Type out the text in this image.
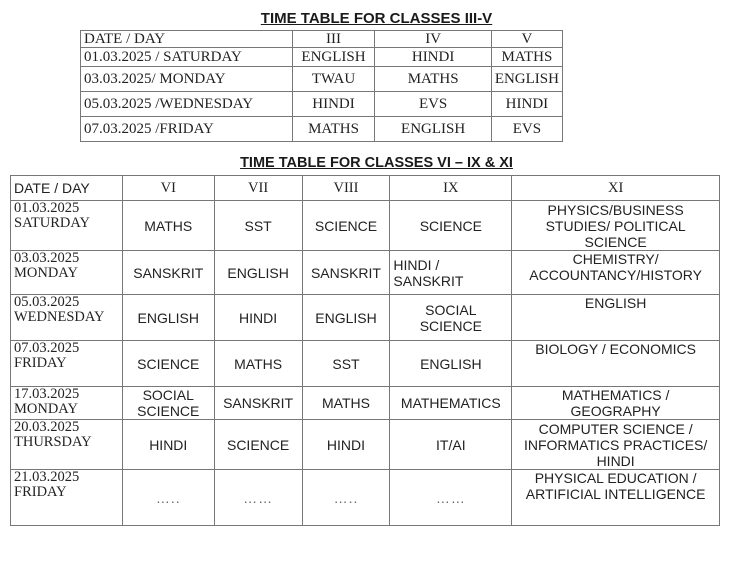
TIME TABLE FOR CLASSES III-V
DATE / DAY	III	IV	V
01.03.2025 / SATURDAY	ENGLISH	HINDI	MATHS
03.03.2025/ MONDAY	TWAU	MATHS	ENGLISH
05.03.2025 /WEDNESDAY	HINDI	EVS	HINDI
07.03.2025 /FRIDAY	MATHS	ENGLISH	EVS
TIME TABLE FOR CLASSES VI – IX & XI
DATE / DAY	VI	VII	VIII	IX	XI
01.03.2025
SATURDAY	MATHS	SST	SCIENCE	SCIENCE	PHYSICS/BUSINESS STUDIES/ POLITICAL SCIENCE
03.03.2025
MONDAY	SANSKRIT	ENGLISH	SANSKRIT	HINDI / SANSKRIT	CHEMISTRY/ ACCOUNTANCY/HISTORY
05.03.2025
WEDNESDAY	ENGLISH	HINDI	ENGLISH	SOCIAL SCIENCE	ENGLISH
07.03.2025
FRIDAY	SCIENCE	MATHS	SST	ENGLISH	BIOLOGY / ECONOMICS
17.03.2025
MONDAY	SOCIAL SCIENCE	SANSKRIT	MATHS	MATHEMATICS	MATHEMATICS / GEOGRAPHY
20.03.2025
THURSDAY	HINDI	SCIENCE	HINDI	IT/AI	COMPUTER SCIENCE / INFORMATICS PRACTICES/ HINDI
21.03.2025
FRIDAY	…..	……	…..	……	PHYSICAL EDUCATION / ARTIFICIAL INTELLIGENCE
